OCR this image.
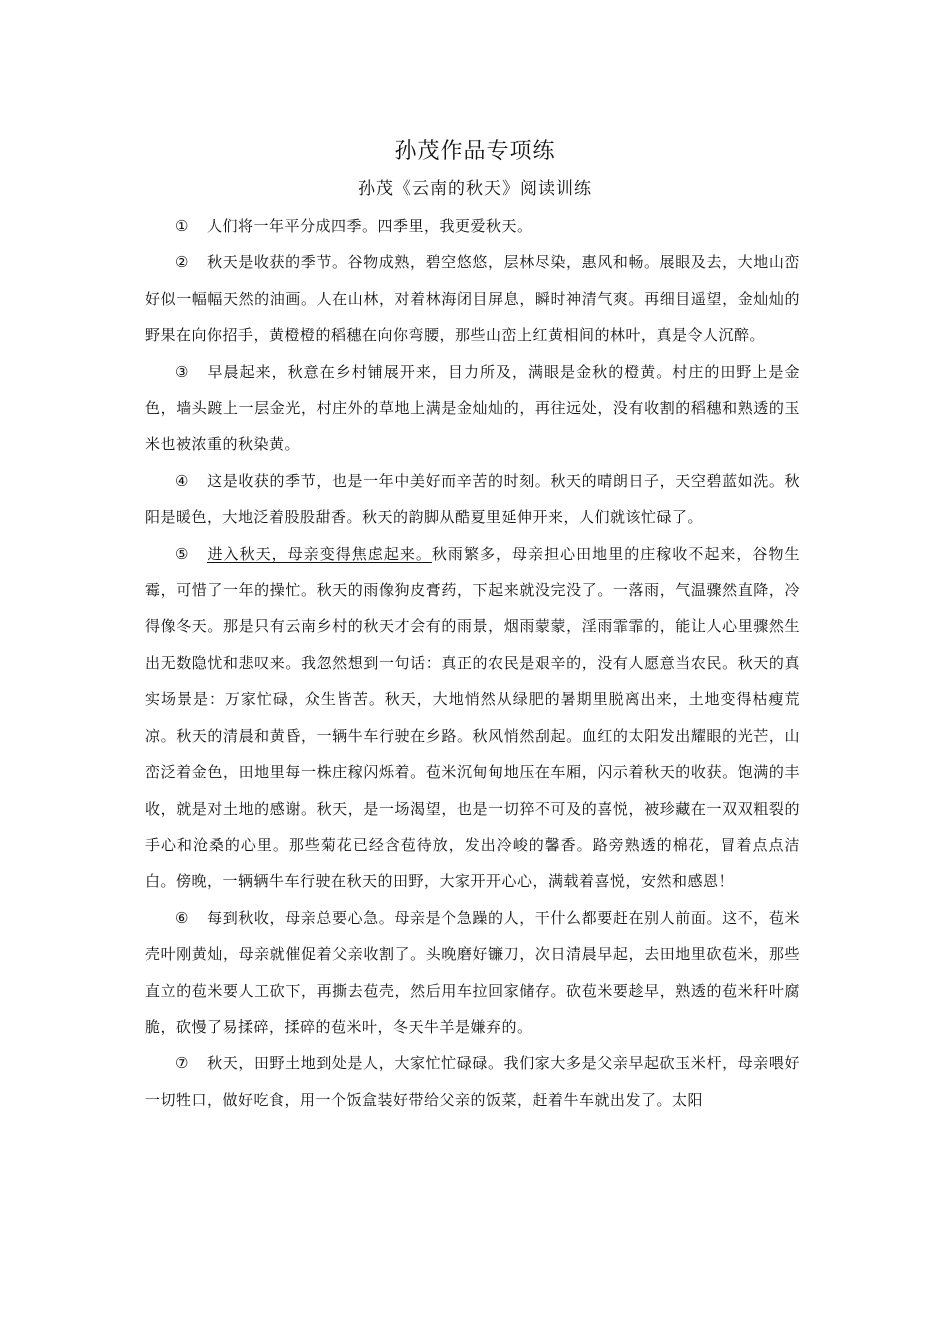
孙茂作品专项练
孙茂《云南的秋天》阅读训练

① 人们将一年平分成四季。四季里，我更爱秋天。

② 秋天是收获的季节。谷物成熟，碧空悠悠，层林尽染，惠风和畅。展眼及去，大地山峦好似一幅幅天然的油画。人在山林，对着林海闭目屏息，瞬时神清气爽。再细目遥望，金灿灿的野果在向你招手，黄橙橙的稻穗在向你弯腰，那些山峦上红黄相间的林叶，真是令人沉醉。

③ 早晨起来，秋意在乡村铺展开来，目力所及，满眼是金秋的橙黄。村庄的田野上是金色，墙头踱上一层金光，村庄外的草地上满是金灿灿的，再往远处，没有收割的稻穗和熟透的玉米也被浓重的秋染黄。

④ 这是收获的季节，也是一年中美好而辛苦的时刻。秋天的晴朗日子，天空碧蓝如洗。秋阳是暖色，大地泛着股股甜香。秋天的韵脚从酷夏里延伸开来，人们就该忙碌了。

⑤ 进入秋天，母亲变得焦虑起来。秋雨繁多，母亲担心田地里的庄稼收不起来，谷物生霉，可惜了一年的操忙。秋天的雨像狗皮膏药，下起来就没完没了。一落雨，气温骤然直降，冷得像冬天。那是只有云南乡村的秋天才会有的雨景，烟雨蒙蒙，淫雨霏霏的，能让人心里骤然生出无数隐忧和悲叹来。我忽然想到一句话：真正的农民是艰辛的，没有人愿意当农民。秋天的真实场景是：万家忙碌，众生皆苦。秋天，大地悄然从绿肥的暑期里脱离出来，土地变得枯瘦荒凉。秋天的清晨和黄昏，一辆牛车行驶在乡路。秋风悄然刮起。血红的太阳发出耀眼的光芒，山峦泛着金色，田地里每一株庄稼闪烁着。苞米沉甸甸地压在车厢，闪示着秋天的收获。饱满的丰收，就是对土地的感谢。秋天，是一场渴望，也是一切猝不可及的喜悦，被珍藏在一双双粗裂的手心和沧桑的心里。那些菊花已经含苞待放，发出冷峻的馨香。路旁熟透的棉花，冒着点点洁白。傍晚，一辆辆牛车行驶在秋天的田野，大家开开心心，满载着喜悦，安然和感恩！

⑥ 每到秋收，母亲总要心急。母亲是个急躁的人，干什么都要赶在别人前面。这不，苞米壳叶刚黄灿，母亲就催促着父亲收割了。头晚磨好镰刀，次日清晨早起，去田地里砍苞米，那些直立的苞米要人工砍下，再撕去苞壳，然后用车拉回家储存。砍苞米要趁早，熟透的苞米秆叶腐脆，砍慢了易揉碎，揉碎的苞米叶，冬天牛羊是嫌弃的。

⑦ 秋天，田野土地到处是人，大家忙忙碌碌。我们家大多是父亲早起砍玉米杆，母亲喂好一切牲口，做好吃食，用一个饭盒装好带给父亲的饭菜，赶着牛车就出发了。太阳
